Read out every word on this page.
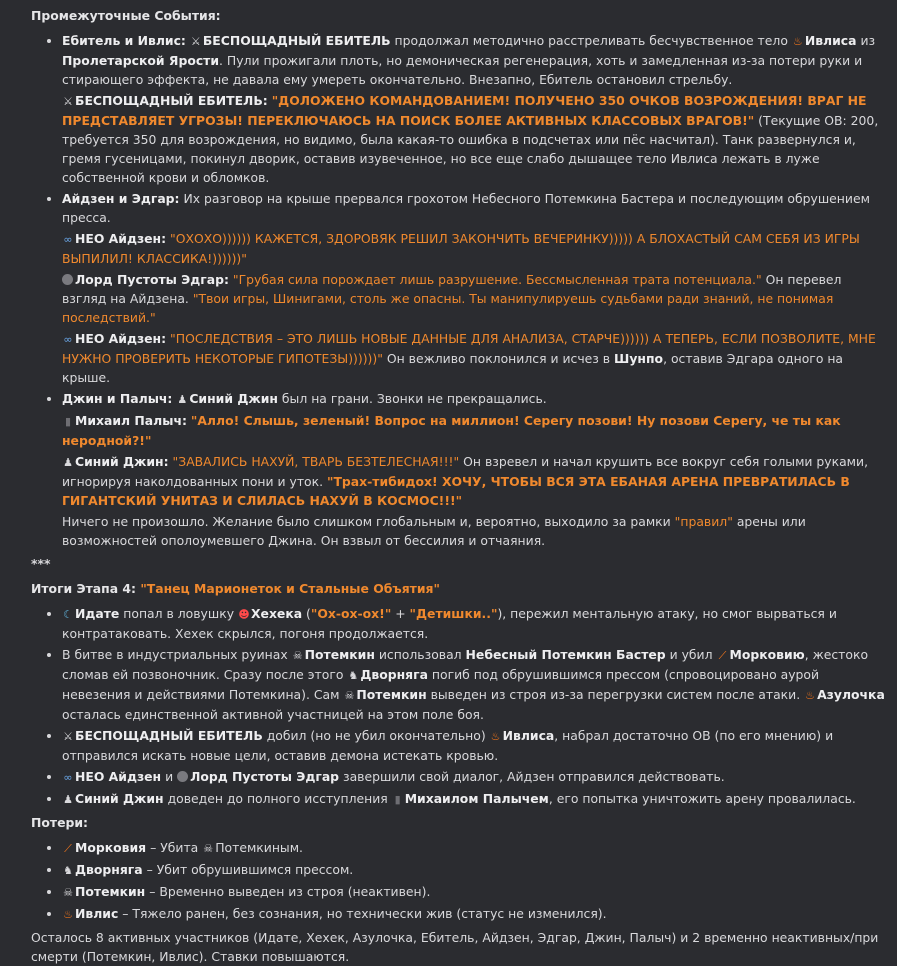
Промежуточные События:
• Ебитель и Ивлис: ⚔ БЕСПОЩАДНЫЙ ЕБИТЕЛЬ продолжал методично расстреливать бесчувственное тело ♨ Ивлиса из Пролетарской Ярости. Пули прожигали плоть, но демоническая регенерация, хоть и замедленная из-за потери руки и стирающего эффекта, не давала ему умереть окончательно. Внезапно, Ебитель остановил стрельбу.
⚔ БЕСПОЩАДНЫЙ ЕБИТЕЛЬ: "ДОЛОЖЕНО КОМАНДОВАНИЕМ! ПОЛУЧЕНО 350 ОЧКОВ ВОЗРОЖДЕНИЯ! ВРАГ НЕ ПРЕДСТАВЛЯЕТ УГРОЗЫ! ПЕРЕКЛЮЧАЮСЬ НА ПОИСК БОЛЕЕ АКТИВНЫХ КЛАССОВЫХ ВРАГОВ!" (Текущие ОВ: 200, требуется 350 для возрождения, но видимо, была какая-то ошибка в подсчетах или пёс насчитал). Танк развернулся и, гремя гусеницами, покинул дворик, оставив изувеченное, но все еще слабо дышащее тело Ивлиса лежать в луже собственной крови и обломков.
• Айдзен и Эдгар: Их разговор на крыше прервался грохотом Небесного Потемкина Бастера и последующим обрушением пресса.
∞ НЕО Айдзен: "ОХОХО)))))) КАЖЕТСЯ, ЗДОРОВЯК РЕШИЛ ЗАКОНЧИТЬ ВЕЧЕРИНКУ))))) А БЛОХАСТЫЙ САМ СЕБЯ ИЗ ИГРЫ ВЫПИЛИЛ! КЛАССИКА!))))))"
Лорд Пустоты Эдгар: "Грубая сила порождает лишь разрушение. Бессмысленная трата потенциала." Он перевел взгляд на Айдзена. "Твои игры, Шинигами, столь же опасны. Ты манипулируешь судьбами ради знаний, не понимая последствий."
∞ НЕО Айдзен: "ПОСЛЕДСТВИЯ – ЭТО ЛИШЬ НОВЫЕ ДАННЫЕ ДЛЯ АНАЛИЗА, СТАРЧЕ)))))) А ТЕПЕРЬ, ЕСЛИ ПОЗВОЛИТЕ, МНЕ НУЖНО ПРОВЕРИТЬ НЕКОТОРЫЕ ГИПОТЕЗЫ))))))" Он вежливо поклонился и исчез в Шунпо, оставив Эдгара одного на крыше.
• Джин и Палыч: ♟ Синий Джин был на грани. Звонки не прекращались.
▮ Михаил Палыч: "Алло! Слышь, зеленый! Вопрос на миллион! Серегу позови! Ну позови Серегу, че ты как неродной?!"
♟ Синий Джин: "ЗАВАЛИСЬ НАХУЙ, ТВАРЬ БЕЗТЕЛЕСНАЯ!!!" Он взревел и начал крушить все вокруг себя голыми руками, игнорируя наколдованных пони и уток. "Трах-тибидох! ХОЧУ, ЧТОБЫ ВСЯ ЭТА ЕБАНАЯ АРЕНА ПРЕВРАТИЛАСЬ В ГИГАНТСКИЙ УНИТАЗ И СЛИЛАСЬ НАХУЙ В КОСМОС!!!"
Ничего не произошло. Желание было слишком глобальным и, вероятно, выходило за рамки "правил" арены или возможностей ополоумевшего Джина. Он взвыл от бессилия и отчаяния.
***
Итоги Этапа 4: "Танец Марионеток и Стальные Объятия"
• ☾ Идате попал в ловушку ☻Хехека ("Ох-ох-ох!" + "Детишки.."), пережил ментальную атаку, но смог вырваться и контратаковать. Хехек скрылся, погоня продолжается.
• В битве в индустриальных руинах ☠ Потемкин использовал Небесный Потемкин Бастер и убил ⟋ Морковию, жестоко сломав ей позвоночник. Сразу после этого ♞ Дворняга погиб под обрушившимся прессом (спровоцировано аурой невезения и действиями Потемкина). Сам ☠ Потемкин выведен из строя из-за перегрузки систем после атаки. ♨ Азулочка осталась единственной активной участницей на этом поле боя.
• ⚔ БЕСПОЩАДНЫЙ ЕБИТЕЛЬ добил (но не убил окончательно) ♨ Ивлиса, набрал достаточно ОВ (по его мнению) и отправился искать новые цели, оставив демона истекать кровью.
• ∞ НЕО Айдзен и Лорд Пустоты Эдгар завершили свой диалог, Айдзен отправился действовать.
• ♟ Синий Джин доведен до полного исступления ▮ Михаилом Палычем, его попытка уничтожить арену провалилась.
Потери:
• ⟋ Морковия – Убита ☠ Потемкиным.
• ♞ Дворняга – Убит обрушившимся прессом.
• ☠ Потемкин – Временно выведен из строя (неактивен).
• ♨ Ивлис – Тяжело ранен, без сознания, но технически жив (статус не изменился).

Осталось 8 активных участников (Идате, Хехек, Азулочка, Ебитель, Айдзен, Эдгар, Джин, Палыч) и 2 временно неактивных/при смерти (Потемкин, Ивлис). Ставки повышаются.
